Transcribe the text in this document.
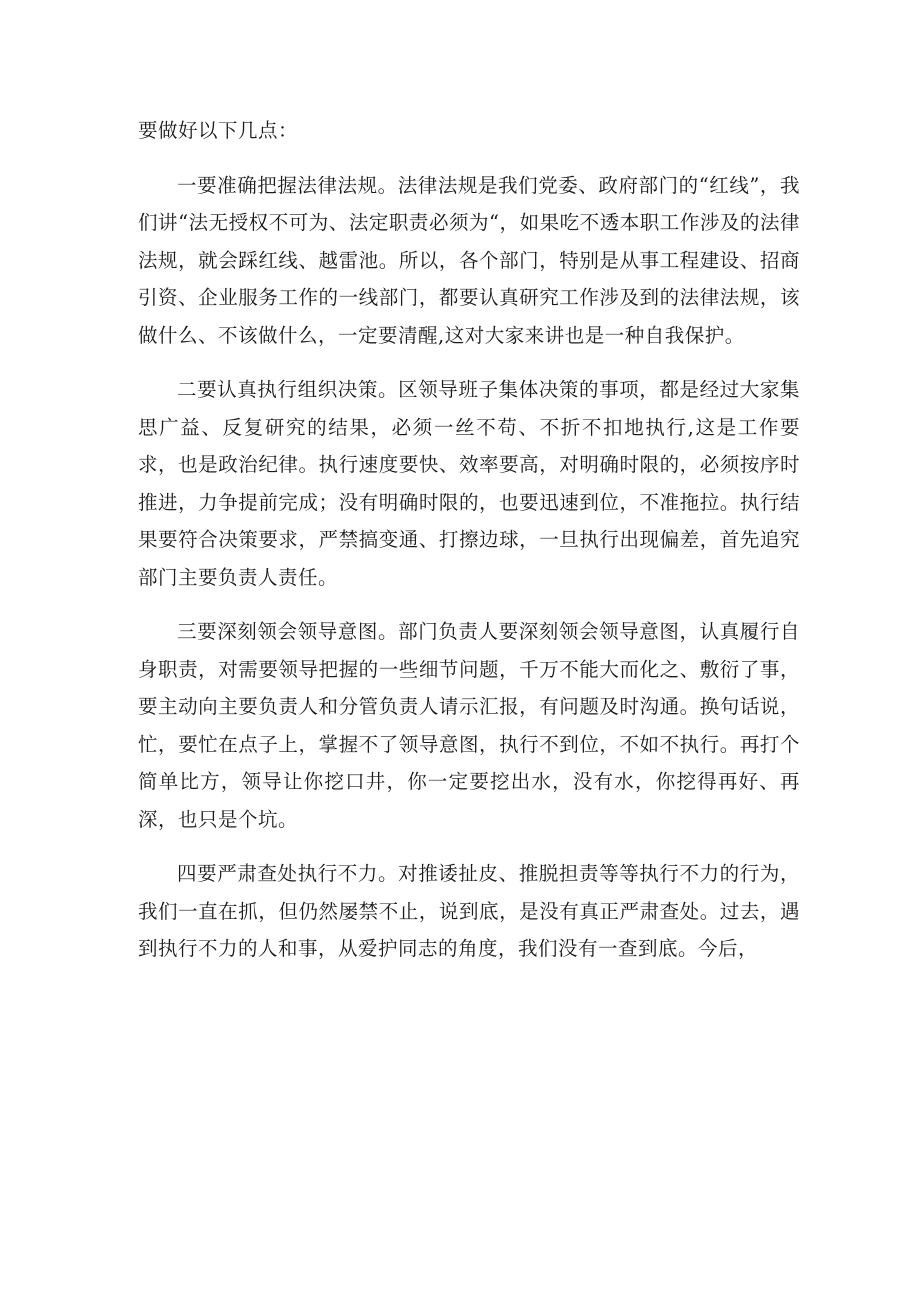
要做好以下几点：

一要准确把握法律法规。法律法规是我们党委、政府部门的“红线”，我们讲“法无授权不可为、法定职责必须为“，如果吃不透本职工作涉及的法律法规，就会踩红线、越雷池。所以，各个部门，特别是从事工程建设、招商引资、企业服务工作的一线部门，都要认真研究工作涉及到的法律法规，该做什么、不该做什么，一定要清醒,这对大家来讲也是一种自我保护。

二要认真执行组织决策。区领导班子集体决策的事项，都是经过大家集思广益、反复研究的结果，必须一丝不苟、不折不扣地执行,这是工作要求，也是政治纪律。执行速度要快、效率要高，对明确时限的，必须按序时推进，力争提前完成；没有明确时限的，也要迅速到位，不准拖拉。执行结果要符合决策要求，严禁搞变通、打擦边球，一旦执行出现偏差，首先追究部门主要负责人责任。

三要深刻领会领导意图。部门负责人要深刻领会领导意图，认真履行自身职责，对需要领导把握的一些细节问题，千万不能大而化之、敷衍了事，要主动向主要负责人和分管负责人请示汇报，有问题及时沟通。换句话说，忙，要忙在点子上，掌握不了领导意图，执行不到位，不如不执行。再打个简单比方，领导让你挖口井，你一定要挖出水，没有水，你挖得再好、再深，也只是个坑。

四要严肃查处执行不力。对推诿扯皮、推脱担责等等执行不力的行为，我们一直在抓，但仍然屡禁不止，说到底，是没有真正严肃查处。过去，遇到执行不力的人和事，从爱护同志的角度，我们没有一查到底。今后，
